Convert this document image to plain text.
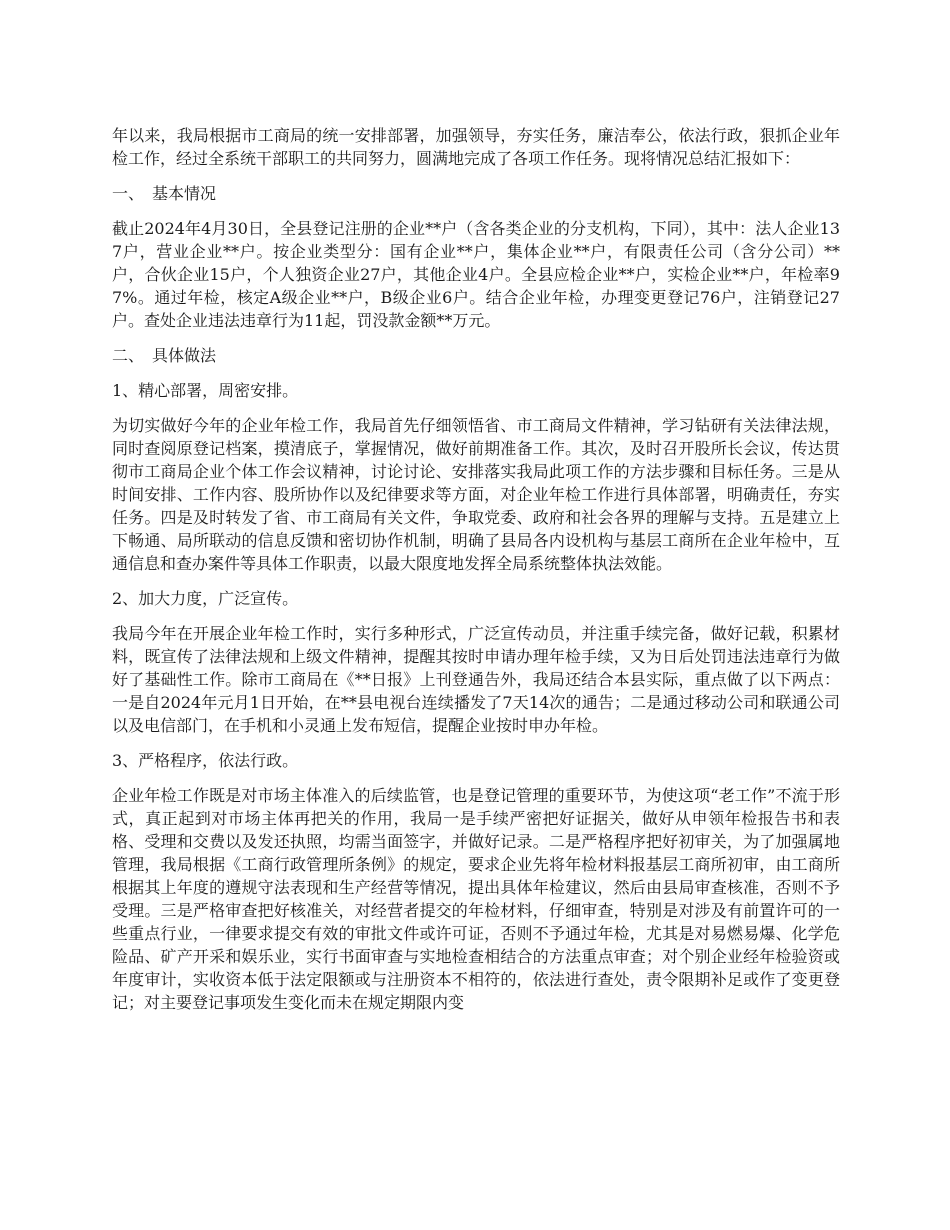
年以来，我局根据市工商局的统一安排部署，加强领导，夯实任务，廉洁奉公，依法行政，狠抓企业年检工作，经过全系统干部职工的共同努力，圆满地完成了各项工作任务。现将情况总结汇报如下：

一、 基本情况

截止2024年4月30日，全县登记注册的企业**户（含各类企业的分支机构，下同），其中：法人企业137户，营业企业**户。按企业类型分：国有企业**户，集体企业**户，有限责任公司（含分公司）**户，合伙企业15户，个人独资企业27户，其他企业4户。全县应检企业**户，实检企业**户，年检率97%。通过年检，核定A级企业**户，B级企业6户。结合企业年检，办理变更登记76户，注销登记27户。查处企业违法违章行为11起，罚没款金额**万元。

二、 具体做法

1、精心部署，周密安排。

为切实做好今年的企业年检工作，我局首先仔细领悟省、市工商局文件精神，学习钻研有关法律法规，同时查阅原登记档案，摸清底子，掌握情况，做好前期准备工作。其次，及时召开股所长会议，传达贯彻市工商局企业个体工作会议精神，讨论讨论、安排落实我局此项工作的方法步骤和目标任务。三是从时间安排、工作内容、股所协作以及纪律要求等方面，对企业年检工作进行具体部署，明确责任，夯实任务。四是及时转发了省、市工商局有关文件，争取党委、政府和社会各界的理解与支持。五是建立上下畅通、局所联动的信息反馈和密切协作机制，明确了县局各内设机构与基层工商所在企业年检中，互通信息和查办案件等具体工作职责，以最大限度地发挥全局系统整体执法效能。

2、加大力度，广泛宣传。

我局今年在开展企业年检工作时，实行多种形式，广泛宣传动员，并注重手续完备，做好记载，积累材料，既宣传了法律法规和上级文件精神，提醒其按时申请办理年检手续，又为日后处罚违法违章行为做好了基础性工作。除市工商局在《**日报》上刊登通告外，我局还结合本县实际，重点做了以下两点：一是自2024年元月1日开始，在**县电视台连续播发了7天14次的通告；二是通过移动公司和联通公司以及电信部门，在手机和小灵通上发布短信，提醒企业按时申办年检。

3、严格程序，依法行政。

企业年检工作既是对市场主体准入的后续监管，也是登记管理的重要环节，为使这项“老工作”不流于形式，真正起到对市场主体再把关的作用，我局一是手续严密把好证据关，做好从申领年检报告书和表格、受理和交费以及发还执照，均需当面签字，并做好记录。二是严格程序把好初审关，为了加强属地管理，我局根据《工商行政管理所条例》的规定，要求企业先将年检材料报基层工商所初审，由工商所根据其上年度的遵规守法表现和生产经营等情况，提出具体年检建议，然后由县局审查核准，否则不予受理。三是严格审查把好核准关，对经营者提交的年检材料，仔细审查，特别是对涉及有前置许可的一些重点行业，一律要求提交有效的审批文件或许可证，否则不予通过年检，尤其是对易燃易爆、化学危险品、矿产开采和娱乐业，实行书面审查与实地检查相结合的方法重点审查；对个别企业经年检验资或年度审计，实收资本低于法定限额或与注册资本不相符的，依法进行查处，责令限期补足或作了变更登记；对主要登记事项发生变化而未在规定期限内变
